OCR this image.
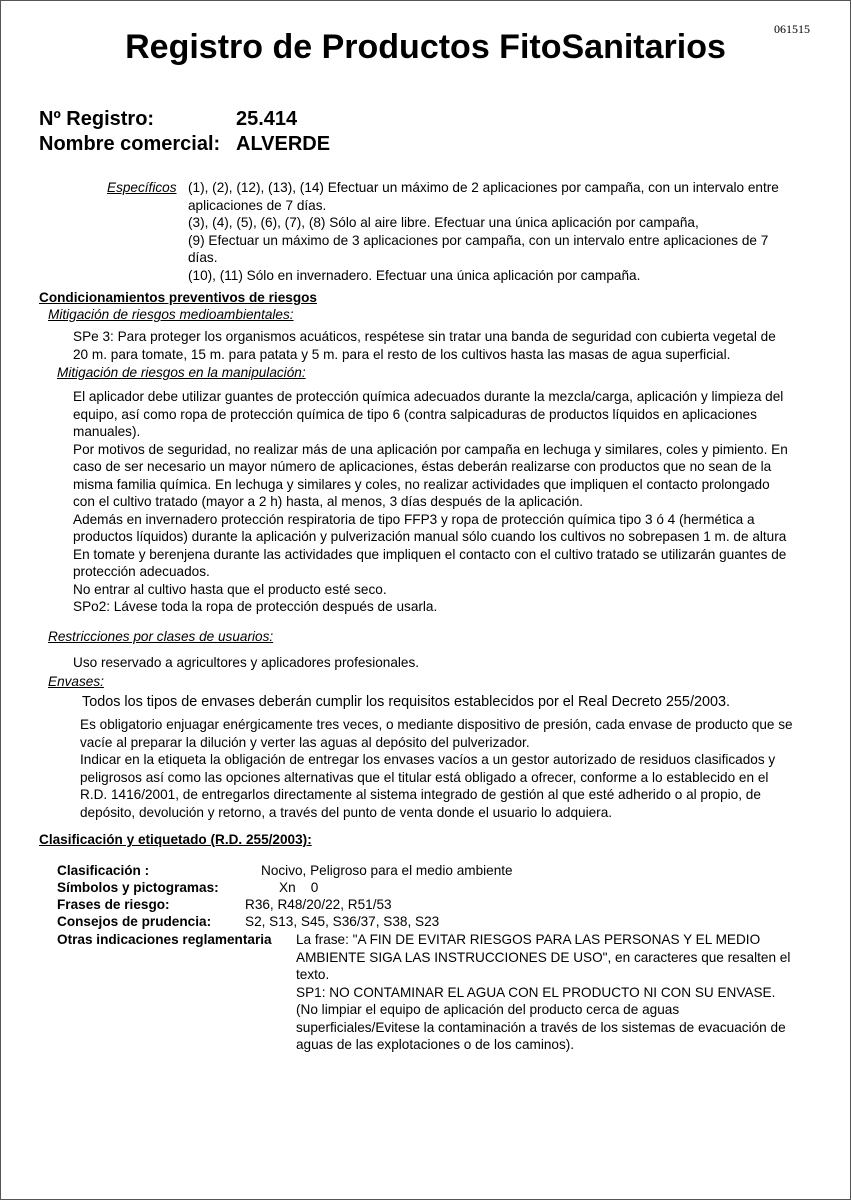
061515
Registro de Productos FitoSanitarios
Nº Registro:	25.414
Nombre comercial: ALVERDE
Específicos (1), (2), (12), (13), (14) Efectuar un máximo de 2 aplicaciones por campaña, con un intervalo entre
aplicaciones de 7 días.
(3), (4), (5), (6), (7), (8) Sólo al aire libre. Efectuar una única aplicación por campaña,
(9) Efectuar un máximo de 3 aplicaciones por campaña, con un intervalo entre aplicaciones de 7
días.
(10), (11) Sólo en invernadero. Efectuar una única aplicación por campaña.
Condicionamientos preventivos de riesgos
Mitigación de riesgos medioambientales:
SPe 3: Para proteger los organismos acuáticos, respétese sin tratar una banda de seguridad con cubierta vegetal de
20 m. para tomate, 15 m. para patata y 5 m. para el resto de los cultivos hasta las masas de agua superficial.
Mitigación de riesgos en la manipulación:
El aplicador debe utilizar guantes de protección química adecuados durante la mezcla/carga, aplicación y limpieza del
equipo, así como ropa de protección química de tipo 6 (contra salpicaduras de productos líquidos en aplicaciones
manuales).
Por motivos de seguridad, no realizar más de una aplicación por campaña en lechuga y similares, coles y pimiento. En
caso de ser necesario un mayor número de aplicaciones, éstas deberán realizarse con productos que no sean de la
misma familia química. En lechuga y similares y coles, no realizar actividades que impliquen el contacto prolongado
con el cultivo tratado (mayor a 2 h) hasta, al menos, 3 días después de la aplicación.
Además en invernadero protección respiratoria de tipo FFP3 y ropa de protección química tipo 3 ó 4 (hermética a
productos líquidos) durante la aplicación y pulverización manual sólo cuando los cultivos no sobrepasen 1 m. de altura
En tomate y berenjena durante las actividades que impliquen el contacto con el cultivo tratado se utilizarán guantes de
protección adecuados.
No entrar al cultivo hasta que el producto esté seco.
SPo2: Lávese toda la ropa de protección después de usarla.
Restricciones por clases de usuarios:
Uso reservado a agricultores y aplicadores profesionales.
Envases:
Todos los tipos de envases deberán cumplir los requisitos establecidos por el Real Decreto 255/2003.
Es obligatorio enjuagar enérgicamente tres veces, o mediante dispositivo de presión, cada envase de producto que se
vacíe al preparar la dilución y verter las aguas al depósito del pulverizador.
Indicar en la etiqueta la obligación de entregar los envases vacíos a un gestor autorizado de residuos clasificados y
peligrosos así como las opciones alternativas que el titular está obligado a ofrecer, conforme a lo establecido en el
R.D. 1416/2001, de entregarlos directamente al sistema integrado de gestión al que esté adherido o al propio, de
depósito, devolución y retorno, a través del punto de venta donde el usuario lo adquiera.
Clasificación y etiquetado (R.D. 255/2003):
Clasificación :	Nocivo, Peligroso para el medio ambiente
Símbolos y pictogramas:	Xn    0
Frases de riesgo:	R36, R48/20/22, R51/53
Consejos de prudencia: S2, S13, S45, S36/37, S38, S23
Otras indicaciones reglamentaria La frase: "A FIN DE EVITAR RIESGOS PARA LAS PERSONAS Y EL MEDIO
AMBIENTE SIGA LAS INSTRUCCIONES DE USO", en caracteres que resalten el
texto.
SP1: NO CONTAMINAR EL AGUA CON EL PRODUCTO NI CON SU ENVASE.
(No limpiar el equipo de aplicación del producto cerca de aguas
superficiales/Evitese la contaminación a través de los sistemas de evacuación de
aguas de las explotaciones o de los caminos).
